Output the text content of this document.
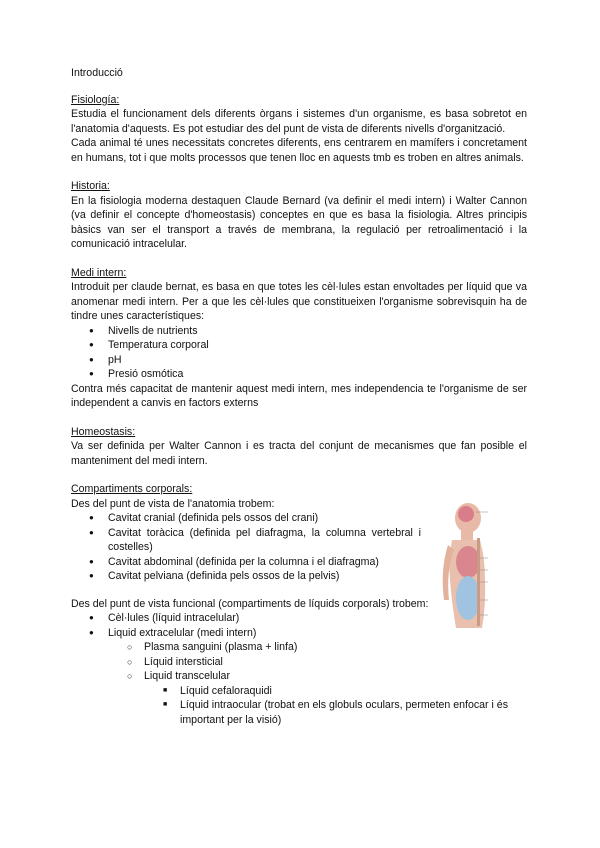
Introducció
Fisiología:

Estudia el funcionament dels diferents òrgans i sistemes d'un organisme, es basa sobretot en l'anatomia d'aquests. Es pot estudiar des del punt de vista de diferents nivells d'organització.

Cada animal té unes necessitats concretes diferents, ens centrarem en mamífers i concretament en humans, tot i que molts processos que tenen lloc en aquests tmb es troben en altres animals.

Historia:

En la fisiologia moderna destaquen Claude Bernard (va definir el medi intern) i Walter Cannon (va definir el concepte d'homeostasis) conceptes en que es basa la fisiologia. Altres principis bàsics van ser el transport a través de membrana, la regulació per retroalimentació i la comunicació intracelular.

Medi intern:

Introduit per claude bernat, es basa en que totes les cèl·lules estan envoltades per líquid que va anomenar medi intern. Per a que les cèl·lules que constitueixen l'organisme sobrevisquin ha de tindre unes característiques:

● Nivells de nutrients
● Temperatura corporal
● pH
● Presió osmótica

Contra més capacitat de mantenir aquest medi intern, mes independencia te l'organisme de ser independent a canvis en factors externs

Homeostasis:

Va ser definida per Walter Cannon i es tracta del conjunt de mecanismes que fan posible el manteniment del medi intern.

Compartiments corporals:

Des del punt de vista de l'anatomia trobem:

● Cavitat cranial (definida pels ossos del crani)
● Cavitat toràcica (definida pel diafragma, la columna vertebral i costelles)
● Cavitat abdominal (definida per la columna i el diafragma)
● Cavitat pelviana (definida pels ossos de la pelvis)

Des del punt de vista funcional (compartiments de líquids corporals) trobem:

● Cèl·lules (líquid intracelular)
● Liquid extracelular (medi intern)
○ Plasma sanguini (plasma + linfa)
○ Líquid intersticial
○ Liquid transcelular
■ Líquid cefaloraquidi
■ Líquid intraocular (trobat en els globuls oculars, permeten enfocar i és important per la visió)
